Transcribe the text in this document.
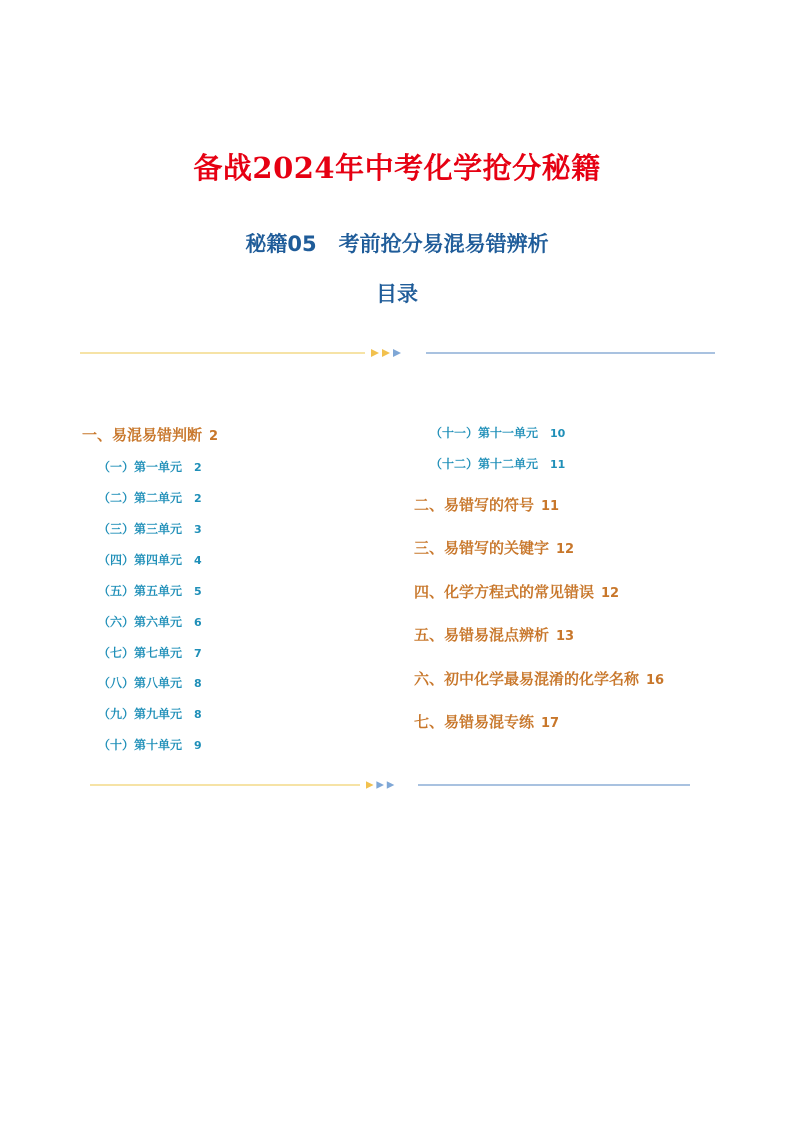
备战2024年中考化学抢分秘籍
秘籍05 考前抢分易混易错辨析
目录
一、易混易错判断 2
（一）第一单元 2
（二）第二单元 2
（三）第三单元 3
（四）第四单元 4
（五）第五单元 5
（六）第六单元 6
（七）第七单元 7
（八）第八单元 8
（九）第九单元 8
（十）第十单元 9
（十一）第十一单元 10
（十二）第十二单元 11
二、易错写的符号 11
三、易错写的关键字 12
四、化学方程式的常见错误 12
五、易错易混点辨析 13
六、初中化学最易混淆的化学名称 16
七、易错易混专练 17
